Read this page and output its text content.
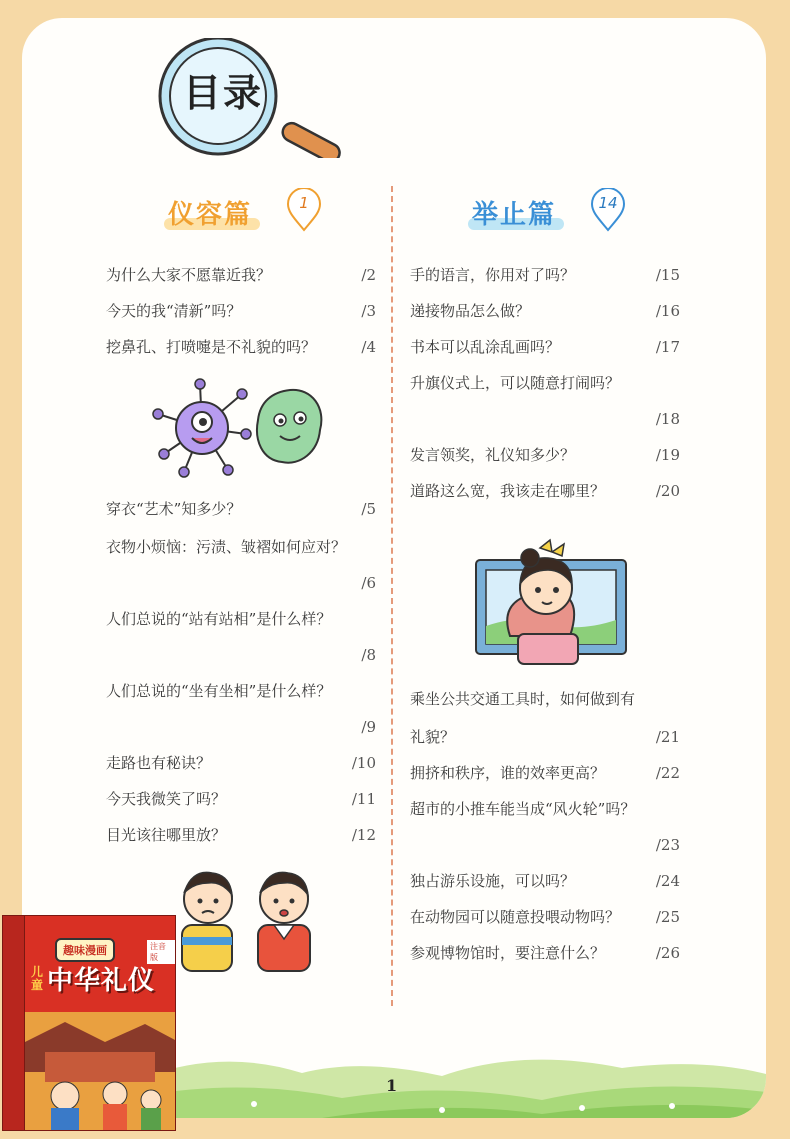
目录
仪容篇	1	举止篇	14
为什么大家不愿靠近我？	/2
今天的我“清新”吗？	/3
挖鼻孔、打喷嚏是不礼貌的吗？	/4
穿衣“艺术”知多少？	/5
衣物小烦恼：污渍、皱褶如何应对？
/6
人们总说的“站有站相”是什么样？
/8
人们总说的“坐有坐相”是什么样？
/9
走路也有秘诀？	/10
今天我微笑了吗？	/11
目光该往哪里放？	/12
手的语言，你用对了吗？	/15
递接物品怎么做？	/16
书本可以乱涂乱画吗？	/17
升旗仪式上，可以随意打闹吗？
/18
发言领奖，礼仪知多少？	/19
道路这么宽，我该走在哪里？	/20
乘坐公共交通工具时，如何做到有
礼貌？	/21
拥挤和秩序，谁的效率更高？	/22
超市的小推车能当成“风火轮”吗？
/23
独占游乐设施，可以吗？	/24
在动物园可以随意投喂动物吗？	/25
参观博物馆时，要注意什么？	/26
1
趣味漫画	注音版
儿童 中华礼仪
